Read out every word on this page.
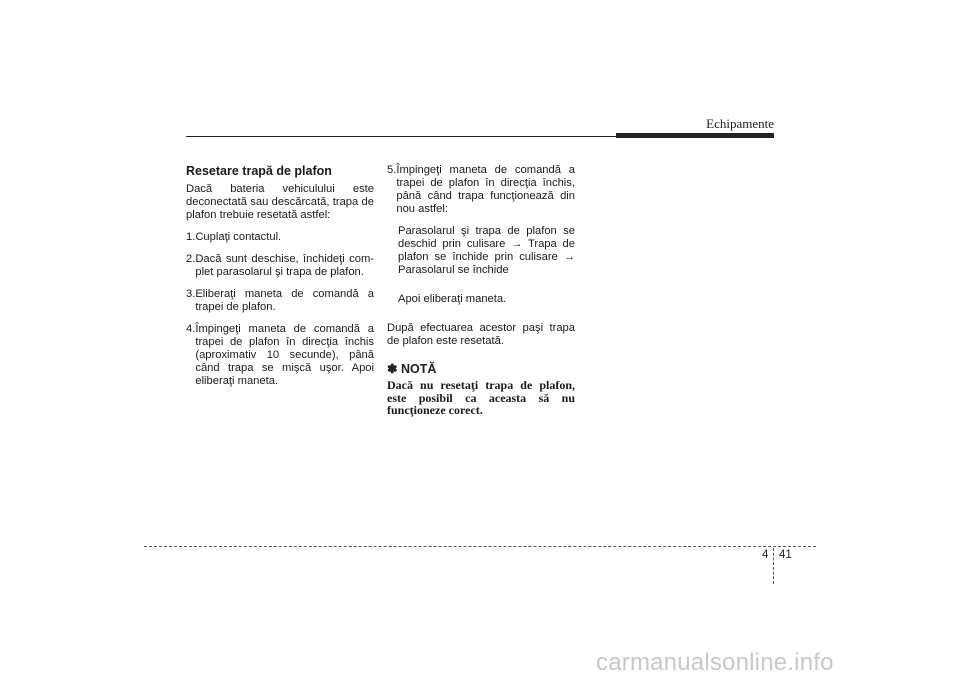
Echipamente
Resetare trapă de plafon

Dacă bateria vehiculului este deconectată sau descărcată, trapa de plafon trebuie resetată astfel:

1. Cuplaţi contactul.
2. Dacă sunt deschise, închideţi com-plet parasolarul şi trapa de plafon.
3. Eliberaţi maneta de comandă a trapei de plafon.
4. Împingeţi maneta de comandă a trapei de plafon în direcţia închis (aproximativ 10 secunde), până când trapa se mişcă uşor. Apoi eliberaţi maneta.
5. Împingeţi maneta de comandă a trapei de plafon în direcţia închis, până când trapa funcţionează din nou astfel:

Parasolarul şi trapa de plafon se deschid prin culisare → Trapa de plafon se închide prin culisare → Parasolarul se închide

Apoi eliberaţi maneta.

După efectuarea acestor paşi trapa de plafon este resetată.

✽ NOTĂ

Dacă nu resetaţi trapa de plafon, este posibil ca aceasta să nu funcţioneze corect.

4 41
carmanualsonline.info
